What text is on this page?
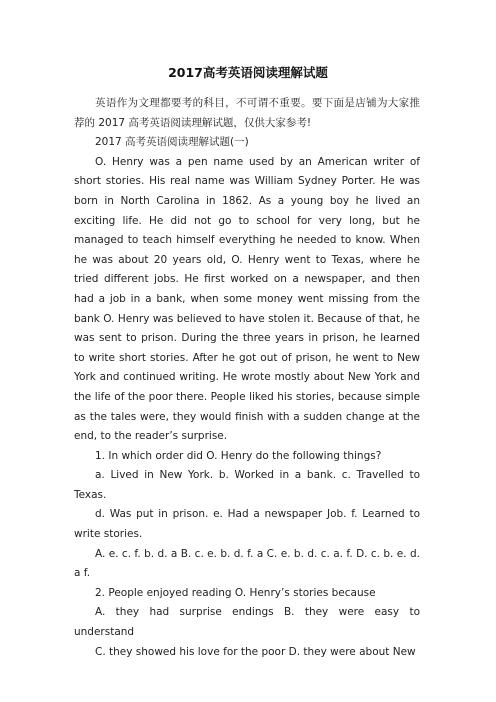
2017高考英语阅读理解试题

英语作为文理都要考的科目，不可谓不重要。要下面是店铺为大家推荐的 2017 高考英语阅读理解试题，仅供大家参考!

2017 高考英语阅读理解试题(一)

O. Henry was a pen name used by an American writer of short stories. His real name was William Sydney Porter. He was born in North Carolina in 1862. As a young boy he lived an exciting life. He did not go to school for very long, but he managed to teach himself everything he needed to know. When he was about 20 years old, O. Henry went to Texas, where he tried different jobs. He first worked on a newspaper, and then had a job in a bank, when some money went missing from the bank O. Henry was believed to have stolen it. Because of that, he was sent to prison. During the three years in prison, he learned to write short stories. After he got out of prison, he went to New York and continued writing. He wrote mostly about New York and the life of the poor there. People liked his stories, because simple as the tales were, they would finish with a sudden change at the end, to the reader’s surprise.

1. In which order did O. Henry do the following things?

a. Lived in New York. b. Worked in a bank. c. Travelled to Texas.

d. Was put in prison. e. Had a newspaper Job. f. Learned to write stories.

A. e. c. f. b. d. a B. c. e. b. d. f. a C. e. b. d. c. a. f. D. c. b. e. d. a f.

2. People enjoyed reading O. Henry’s stories because

A. they had surprise endings B. they were easy to understand

C. they showed his love for the poor D. they were about New
